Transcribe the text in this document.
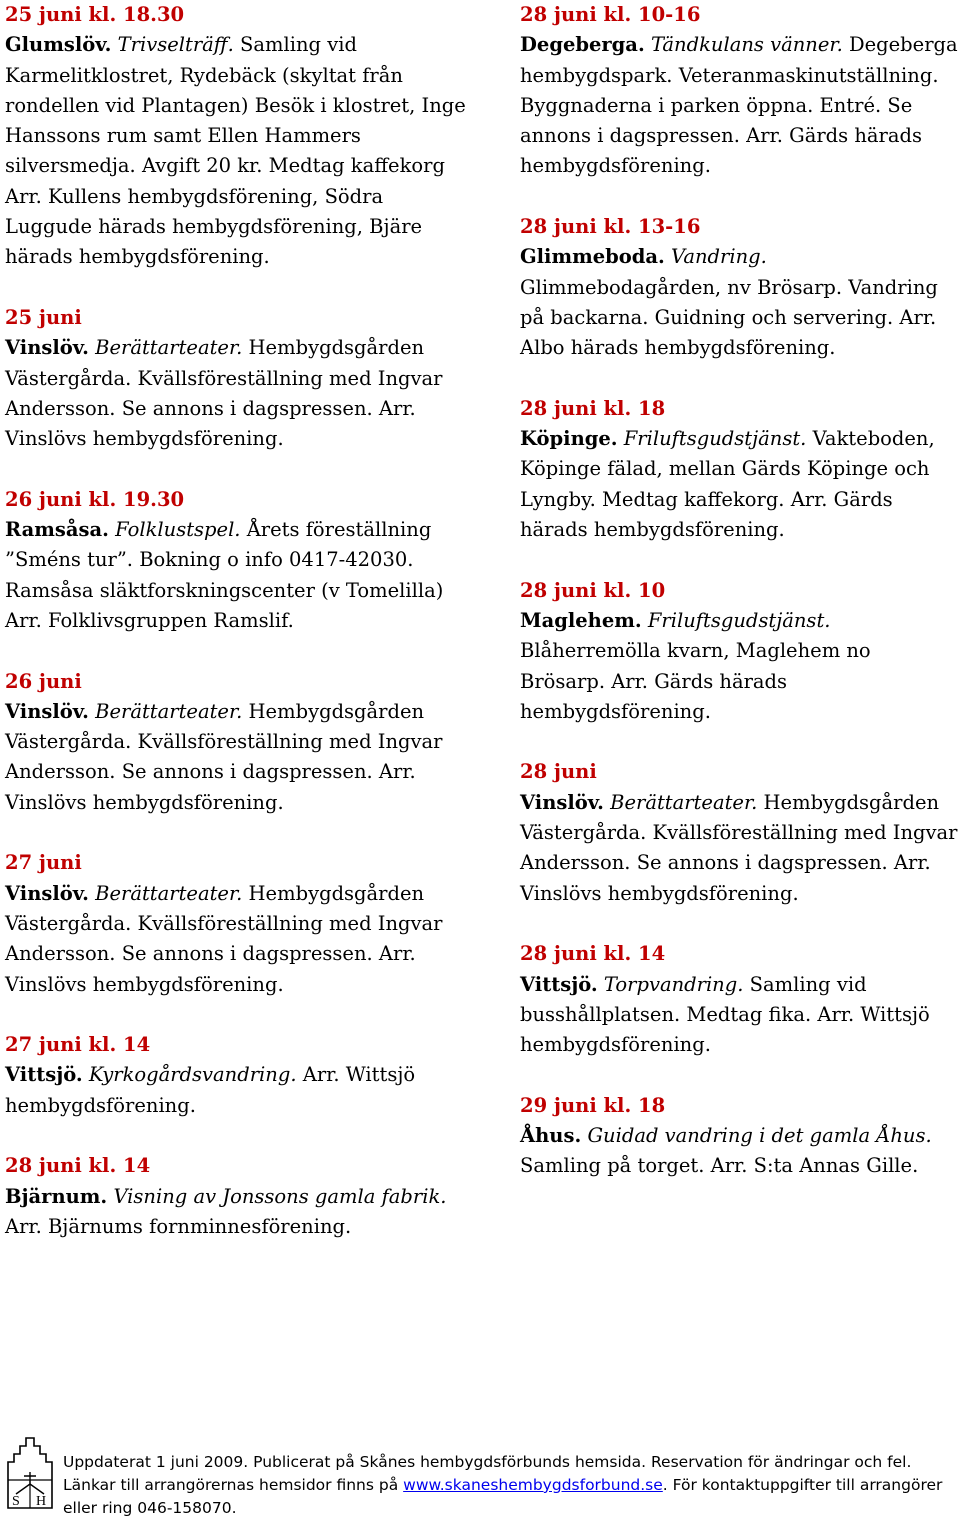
25 juni kl. 18.30
Glumslöv. Trivselträff. Samling vid Karmelitklostret, Rydebäck (skyltat från rondellen vid Plantagen) Besök i klostret, Inge Hanssons rum samt Ellen Hammers silversmedja. Avgift 20 kr. Medtag kaffekorg Arr. Kullens hembygdsförening, Södra Luggude härads hembygdsförening, Bjäre härads hembygdsförening.

25 juni
Vinslöv. Berättarteater. Hembygdsgården Västergårda. Kvällsföreställning med Ingvar Andersson. Se annons i dagspressen. Arr. Vinslövs hembygdsförening.

26 juni kl. 19.30
Ramsåsa. Folklustspel. Årets föreställning ”Sméns tur”. Bokning o info 0417-42030. Ramsåsa släktforskningscenter (v Tomelilla) Arr. Folklivsgruppen Ramslif.

26 juni
Vinslöv. Berättarteater. Hembygdsgården Västergårda. Kvällsföreställning med Ingvar Andersson. Se annons i dagspressen. Arr. Vinslövs hembygdsförening.

27 juni
Vinslöv. Berättarteater. Hembygdsgården Västergårda. Kvällsföreställning med Ingvar Andersson. Se annons i dagspressen. Arr. Vinslövs hembygdsförening.

27 juni kl. 14
Vittsjö. Kyrkogårdsvandring. Arr. Wittsjö hembygdsförening.

28 juni kl. 14
Bjärnum. Visning av Jonssons gamla fabrik. Arr. Bjärnums fornminnesförening.

28 juni kl. 10-16
Degeberga. Tändkulans vänner. Degeberga hembygdspark. Veteranmaskinutställning. Byggnaderna i parken öppna. Entré. Se annons i dagspressen. Arr. Gärds härads hembygdsförening.

28 juni kl. 13-16
Glimmeboda. Vandring. Glimmebodagården, nv Brösarp. Vandring på backarna. Guidning och servering. Arr. Albo härads hembygdsförening.

28 juni kl. 18
Köpinge. Friluftsgudstjänst. Vakteboden, Köpinge fälad, mellan Gärds Köpinge och Lyngby. Medtag kaffekorg. Arr. Gärds härads hembygdsförening.

28 juni kl. 10
Maglehem. Friluftsgudstjänst. Blåherremölla kvarn, Maglehem no Brösarp. Arr. Gärds härads hembygdsförening.

28 juni
Vinslöv. Berättarteater. Hembygdsgården Västergårda. Kvällsföreställning med Ingvar Andersson. Se annons i dagspressen. Arr. Vinslövs hembygdsförening.

28 juni kl. 14
Vittsjö. Torpvandring. Samling vid busshållplatsen. Medtag fika. Arr. Wittsjö hembygdsförening.

29 juni kl. 18
Åhus. Guidad vandring i det gamla Åhus. Samling på torget. Arr. S:ta Annas Gille.

S H
Uppdaterat 1 juni 2009. Publicerat på Skånes hembygdsförbunds hemsida. Reservation för ändringar och fel.
Länkar till arrangörernas hemsidor finns på www.skaneshembygdsforbund.se. För kontaktuppgifter till arrangörer eller ring 046-158070.
